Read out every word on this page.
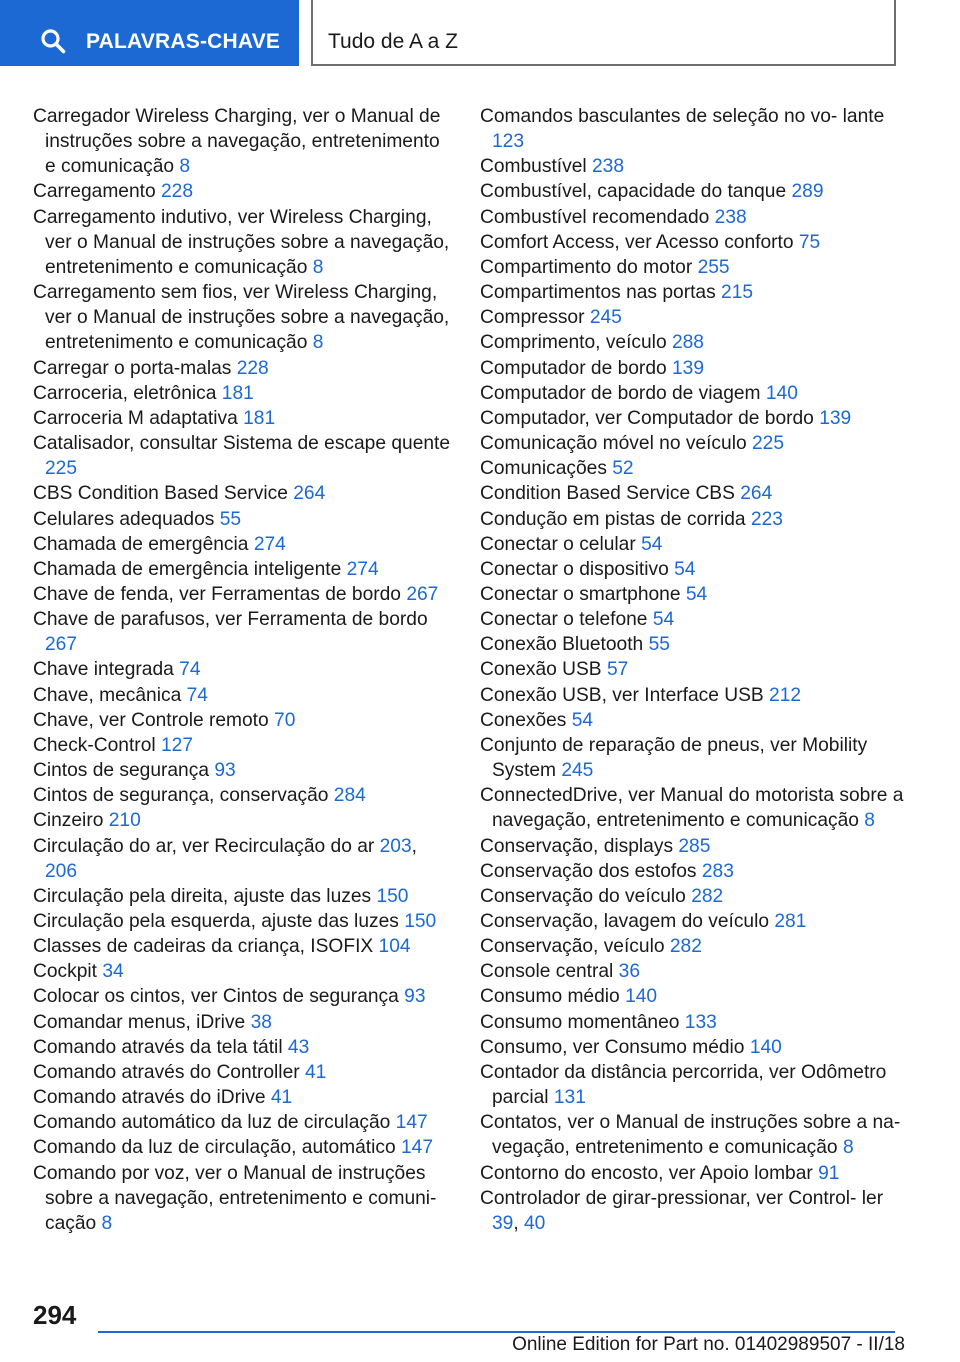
PALAVRAS-CHAVE Tudo de A a Z
Carregador Wireless Charging, ver o Manual de instruções sobre a navegação, entretenimento e comunicação 8
Carregamento 228
Carregamento indutivo, ver Wireless Charging, ver o Manual de instruções sobre a navegação, entretenimento e comunicação 8
Carregamento sem fios, ver Wireless Charging, ver o Manual de instruções sobre a navegação, entretenimento e comunicação 8
Carregar o porta-malas 228
Carroceria, eletrônica 181
Carroceria M adaptativa 181
Catalisador, consultar Sistema de escape quente 225
CBS Condition Based Service 264
Celulares adequados 55
Chamada de emergência 274
Chamada de emergência inteligente 274
Chave de fenda, ver Ferramentas de bordo 267
Chave de parafusos, ver Ferramenta de bordo 267
Chave integrada 74
Chave, mecânica 74
Chave, ver Controle remoto 70
Check-Control 127
Cintos de segurança 93
Cintos de segurança, conservação 284
Cinzeiro 210
Circulação do ar, ver Recirculação do ar 203, 206
Circulação pela direita, ajuste das luzes 150
Circulação pela esquerda, ajuste das luzes 150
Classes de cadeiras da criança, ISOFIX 104
Cockpit 34
Colocar os cintos, ver Cintos de segurança 93
Comandar menus, iDrive 38
Comando através da tela tátil 43
Comando através do Controller 41
Comando através do iDrive 41
Comando automático da luz de circulação 147
Comando da luz de circulação, automático 147
Comando por voz, ver o Manual de instruções sobre a navegação, entretenimento e comuni‐ cação 8
Comandos basculantes de seleção no vo‐ lante 123
Combustível 238
Combustível, capacidade do tanque 289
Combustível recomendado 238
Comfort Access, ver Acesso conforto 75
Compartimento do motor 255
Compartimentos nas portas 215
Compressor 245
Comprimento, veículo 288
Computador de bordo 139
Computador de bordo de viagem 140
Computador, ver Computador de bordo 139
Comunicação móvel no veículo 225
Comunicações 52
Condition Based Service CBS 264
Condução em pistas de corrida 223
Conectar o celular 54
Conectar o dispositivo 54
Conectar o smartphone 54
Conectar o telefone 54
Conexão Bluetooth 55
Conexão USB 57
Conexão USB, ver Interface USB 212
Conexões 54
Conjunto de reparação de pneus, ver Mobility System 245
ConnectedDrive, ver Manual do motorista sobre a navegação, entretenimento e comunicação 8
Conservação, displays 285
Conservação dos estofos 283
Conservação do veículo 282
Conservação, lavagem do veículo 281
Conservação, veículo 282
Console central 36
Consumo médio 140
Consumo momentâneo 133
Consumo, ver Consumo médio 140
Contador da distância percorrida, ver Odômetro parcial 131
Contatos, ver o Manual de instruções sobre a na‐ vegação, entretenimento e comunicação 8
Contorno do encosto, ver Apoio lombar 91
Controlador de girar-pressionar, ver Control‐ ler 39, 40
294
Online Edition for Part no. 01402989507 - II/18
